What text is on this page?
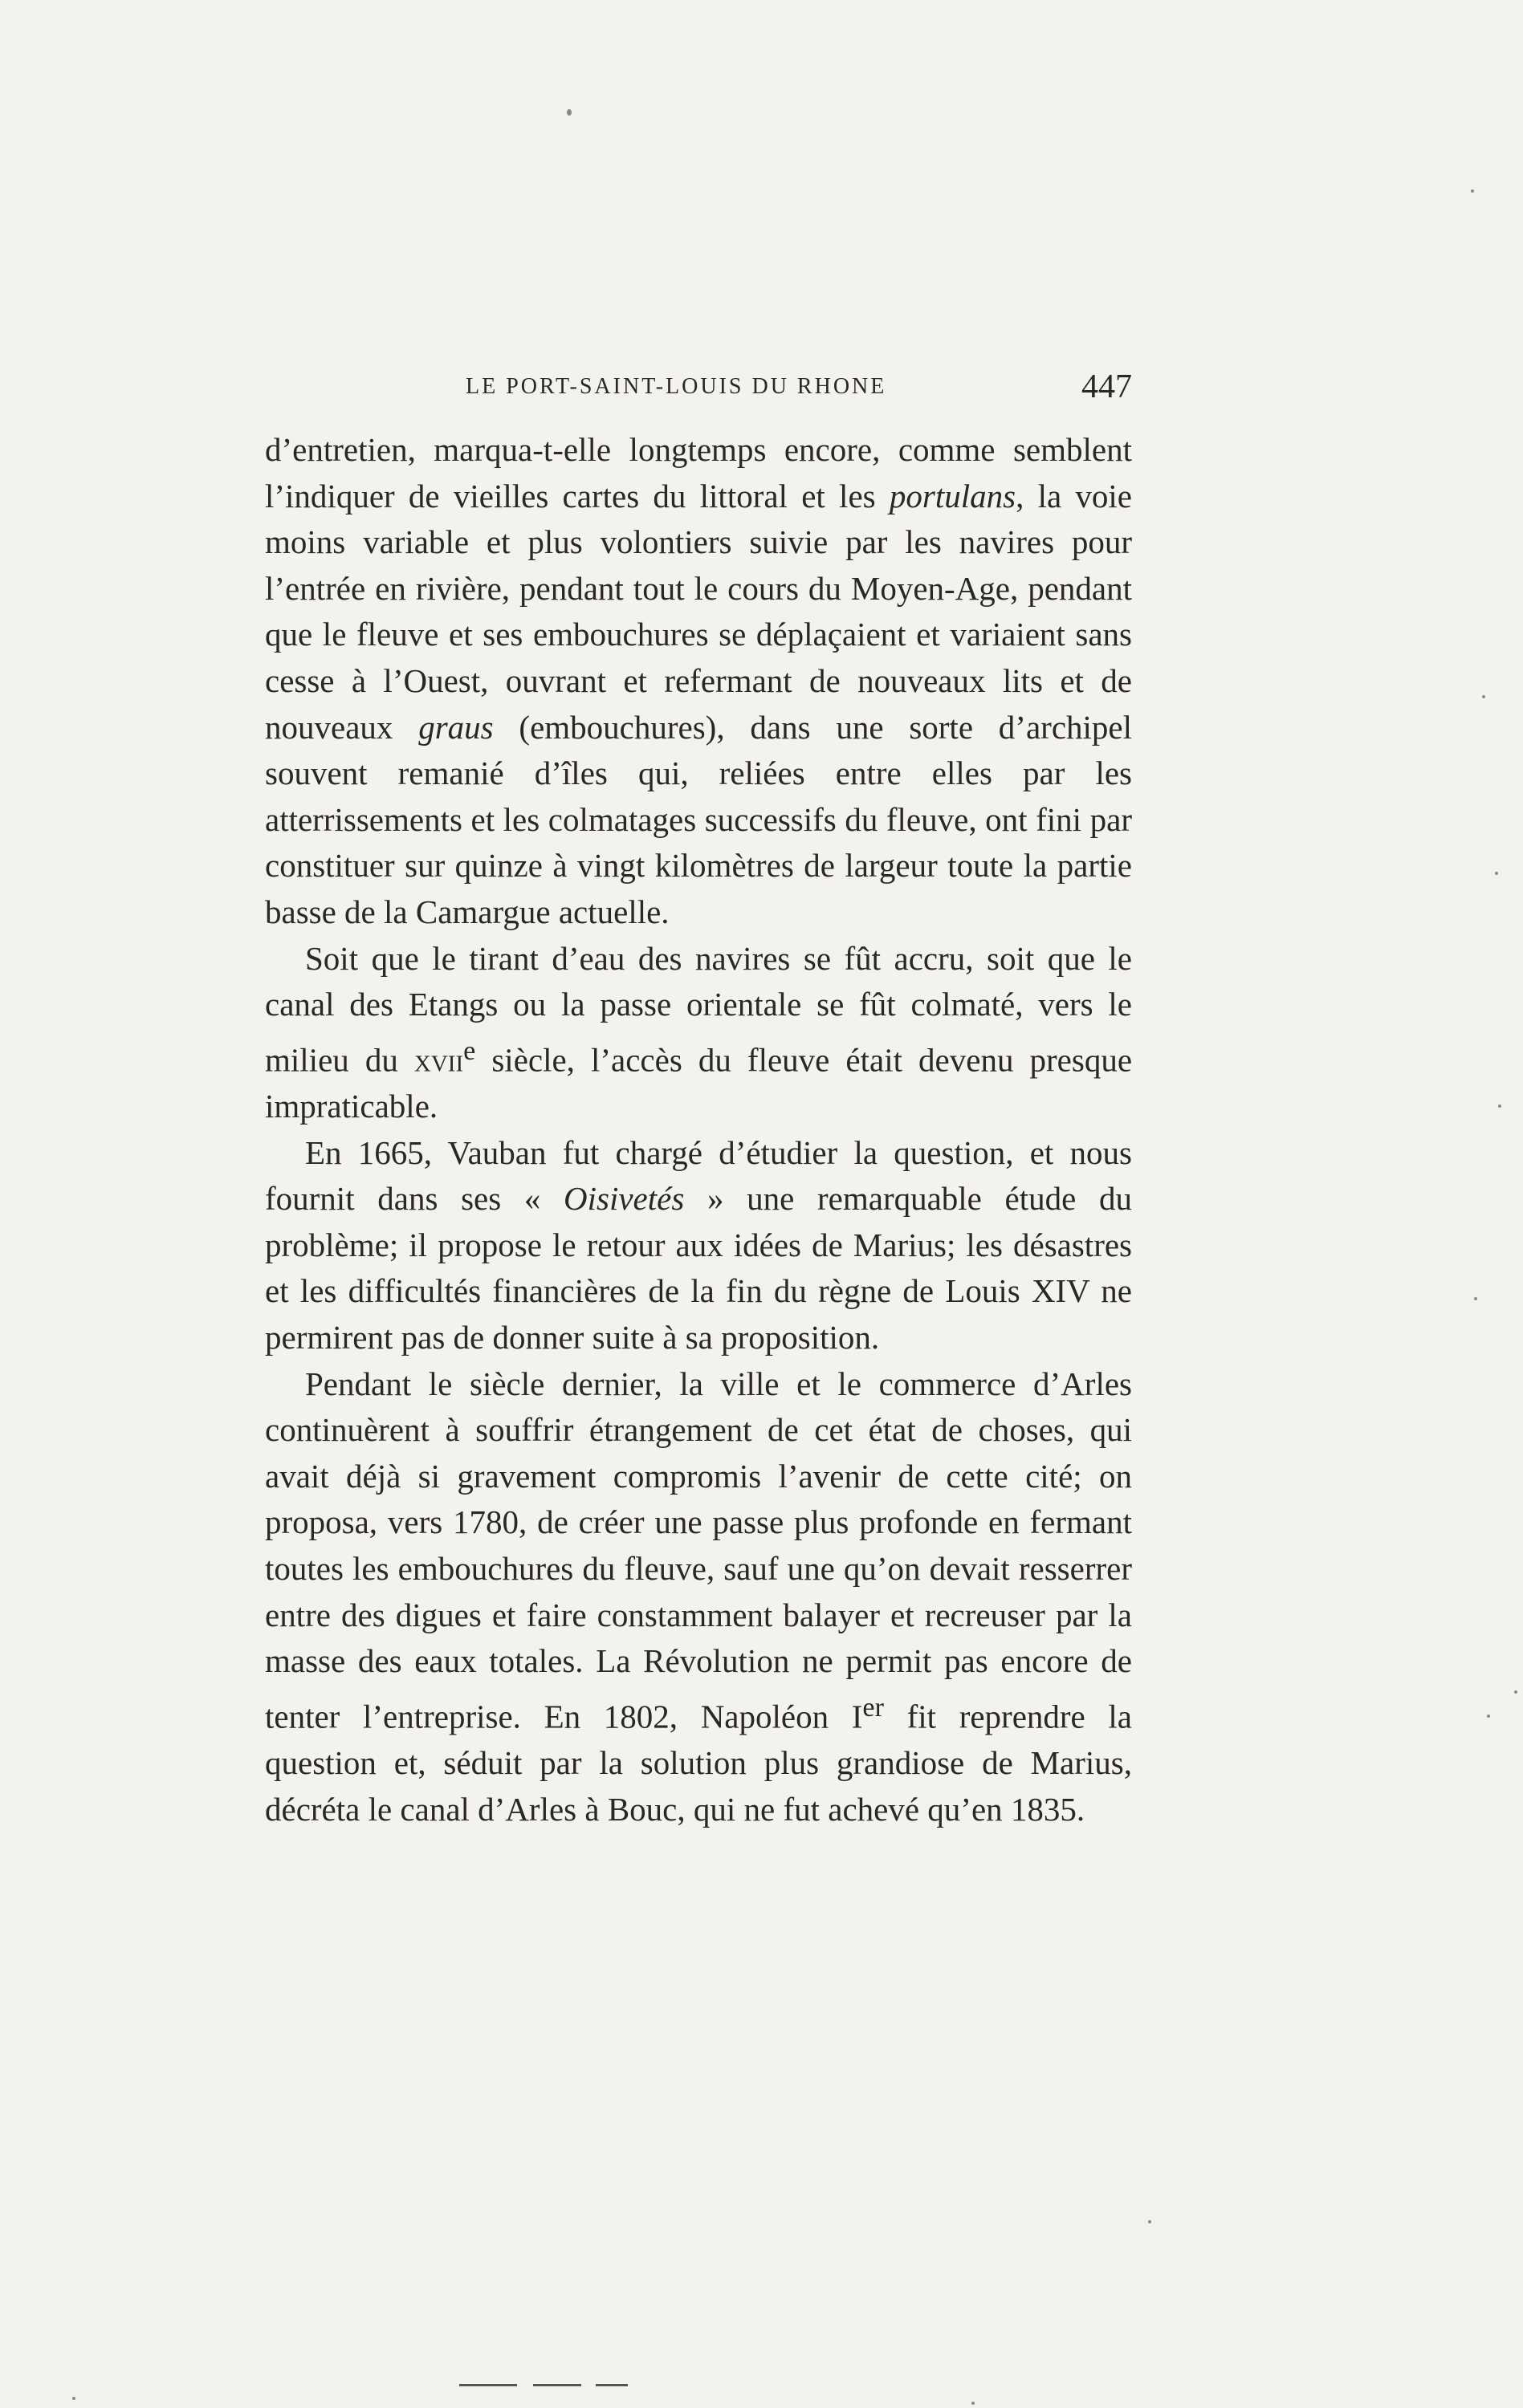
LE PORT-SAINT-LOUIS DU RHONE	447

d’entretien, marqua-t-elle longtemps encore, comme semblent l’indiquer de vieilles cartes du littoral et les portulans, la voie moins variable et plus volontiers suivie par les navires pour l’entrée en rivière, pendant tout le cours du Moyen-Age, pendant que le fleuve et ses embouchures se déplaçaient et variaient sans cesse à l’Ouest, ouvrant et refermant de nouveaux lits et de nouveaux graus (embouchures), dans une sorte d’archipel souvent remanié d’îles qui, reliées entre elles par les atterrissements et les colmatages successifs du fleuve, ont fini par constituer sur quinze à vingt kilomètres de largeur toute la partie basse de la Camargue actuelle.

Soit que le tirant d’eau des navires se fût accru, soit que le canal des Etangs ou la passe orientale se fût colmaté, vers le milieu du xvii$^e$ siècle, l’accès du fleuve était devenu presque impraticable.

En 1665, Vauban fut chargé d’étudier la question, et nous fournit dans ses « Oisivetés » une remarquable étude du problème; il propose le retour aux idées de Marius; les désastres et les difficultés financières de la fin du règne de Louis XIV ne permirent pas de donner suite à sa proposition.

Pendant le siècle dernier, la ville et le commerce d’Arles continuèrent à souffrir étrangement de cet état de choses, qui avait déjà si gravement compromis l’avenir de cette cité; on proposa, vers 1780, de créer une passe plus profonde en fermant toutes les embouchures du fleuve, sauf une qu’on devait resserrer entre des digues et faire constamment balayer et recreuser par la masse des eaux totales. La Révolution ne permit pas encore de tenter l’entreprise. En 1802, Napoléon Ier fit reprendre la question et, séduit par la solution plus grandiose de Marius, décréta le canal d’Arles à Bouc, qui ne fut achevé qu’en 1835.
